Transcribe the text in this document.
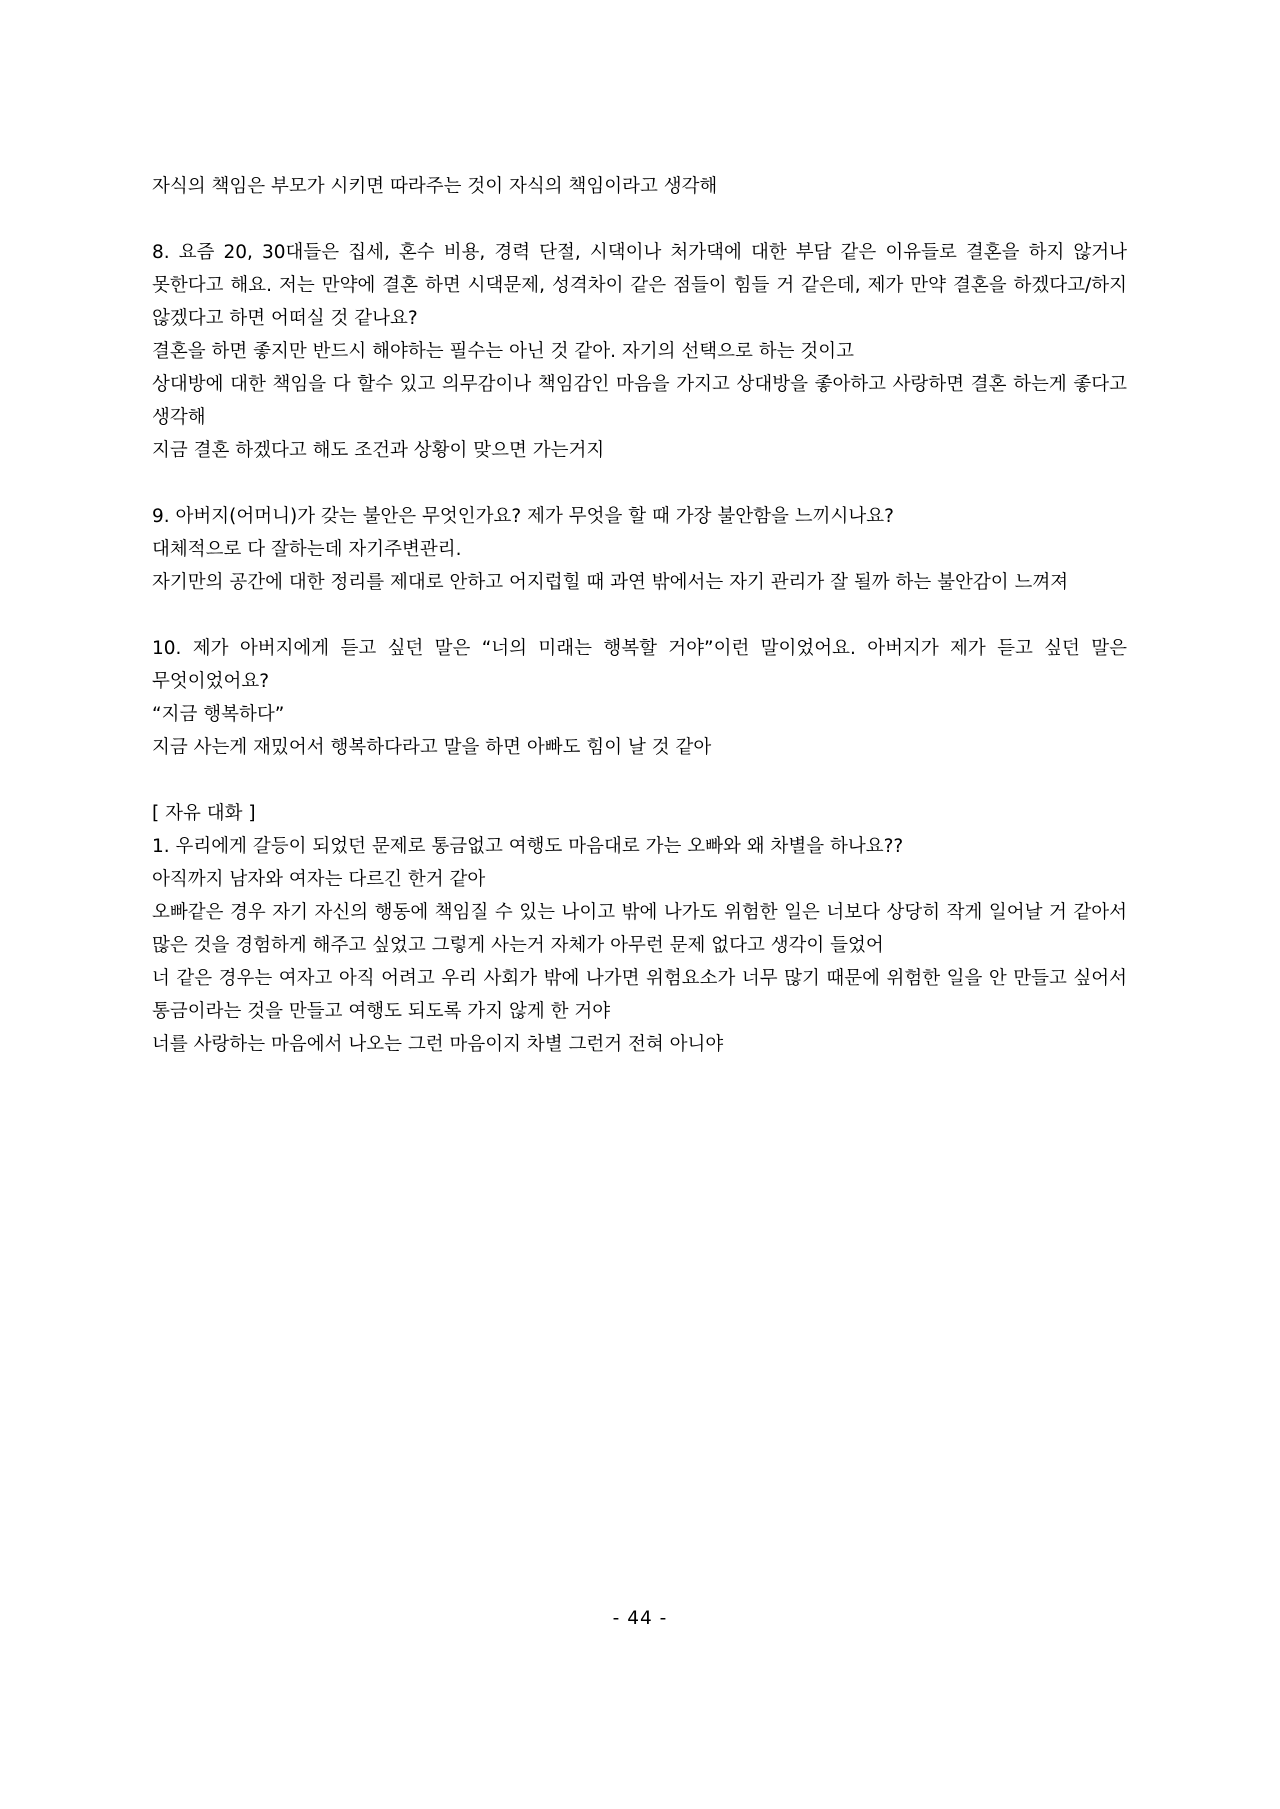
자식의 책임은 부모가 시키면 따라주는 것이 자식의 책임이라고 생각해

8. 요즘 20, 30대들은 집세, 혼수 비용, 경력 단절, 시댁이나 처가댁에 대한 부담 같은 이유들로 결혼을 하지 않거나 못한다고 해요. 저는 만약에 결혼 하면 시댁문제, 성격차이 같은 점들이 힘들 거 같은데, 제가 만약 결혼을 하겠다고/하지 않겠다고 하면 어떠실 것 같나요?

결혼을 하면 좋지만 반드시 해야하는 필수는 아닌 것 같아. 자기의 선택으로 하는 것이고

상대방에 대한 책임을 다 할수 있고 의무감이나 책임감인 마음을 가지고 상대방을 좋아하고 사랑하면 결혼 하는게 좋다고 생각해

지금 결혼 하겠다고 해도 조건과 상황이 맞으면 가는거지

9. 아버지(어머니)가 갖는 불안은 무엇인가요? 제가 무엇을 할 때 가장 불안함을 느끼시나요?

대체적으로 다 잘하는데 자기주변관리.

자기만의 공간에 대한 정리를 제대로 안하고 어지럽힐 때 과연 밖에서는 자기 관리가 잘 될까 하는 불안감이 느껴져

10. 제가 아버지에게 듣고 싶던 말은 “너의 미래는 행복할 거야”이런 말이었어요. 아버지가 제가 듣고 싶던 말은 무엇이었어요?

“지금 행복하다”

지금 사는게 재밌어서 행복하다라고 말을 하면 아빠도 힘이 날 것 같아

[ 자유 대화 ]

1. 우리에게 갈등이 되었던 문제로 통금없고 여행도 마음대로 가는 오빠와 왜 차별을 하나요??

아직까지 남자와 여자는 다르긴 한거 같아

오빠같은 경우 자기 자신의 행동에 책임질 수 있는 나이고 밖에 나가도 위험한 일은 너보다 상당히 작게 일어날 거 같아서 많은 것을 경험하게 해주고 싶었고 그렇게 사는거 자체가 아무런 문제 없다고 생각이 들었어

너 같은 경우는 여자고 아직 어려고 우리 사회가 밖에 나가면 위험요소가 너무 많기 때문에 위험한 일을 안 만들고 싶어서 통금이라는 것을 만들고 여행도 되도록 가지 않게 한 거야

너를 사랑하는 마음에서 나오는 그런 마음이지 차별 그런거 전혀 아니야

- 44 -
